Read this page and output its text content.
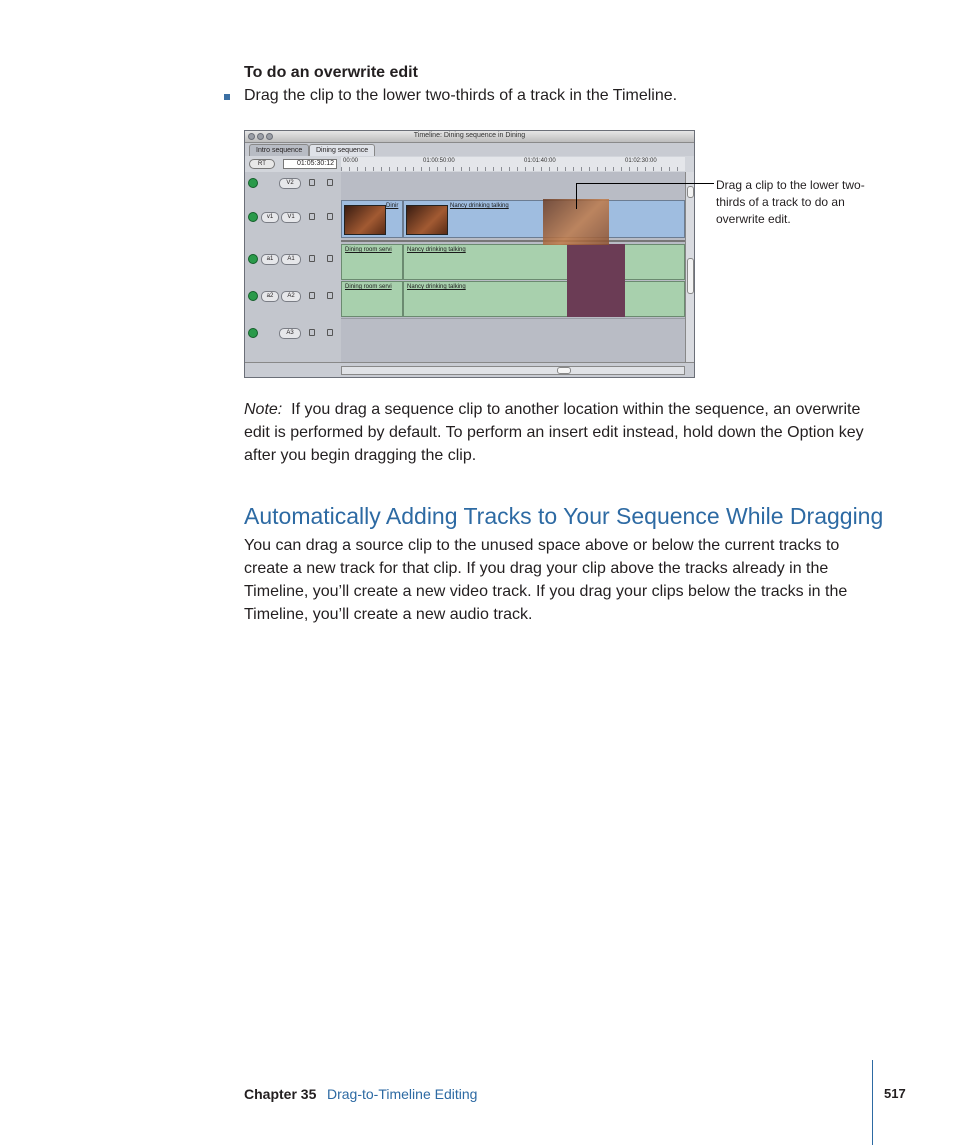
To do an overwrite edit
Drag the clip to the lower two-thirds of a track in the Timeline.
Timeline: Dining sequence in Dining
Intro sequence	Dining sequence
RT	01:05:30:12	00:00	01:00:50:00	01:01:40:00	01:02:30:00
V2
v1	V1
a1	A1
a2	A2
A3
Dinir	Nancy drinking talking
Dining room servi	Nancy drinking talking
Dining room servi	Nancy drinking talking
Drag a clip to the lower two-thirds of a track to do an overwrite edit.
Note: If you drag a sequence clip to another location within the sequence, an overwrite edit is performed by default. To perform an insert edit instead, hold down the Option key after you begin dragging the clip.
Automatically Adding Tracks to Your Sequence While Dragging
You can drag a source clip to the unused space above or below the current tracks to create a new track for that clip. If you drag your clip above the tracks already in the Timeline, you’ll create a new video track. If you drag your clips below the tracks in the Timeline, you’ll create a new audio track.
Chapter 35 Drag-to-Timeline Editing	517
